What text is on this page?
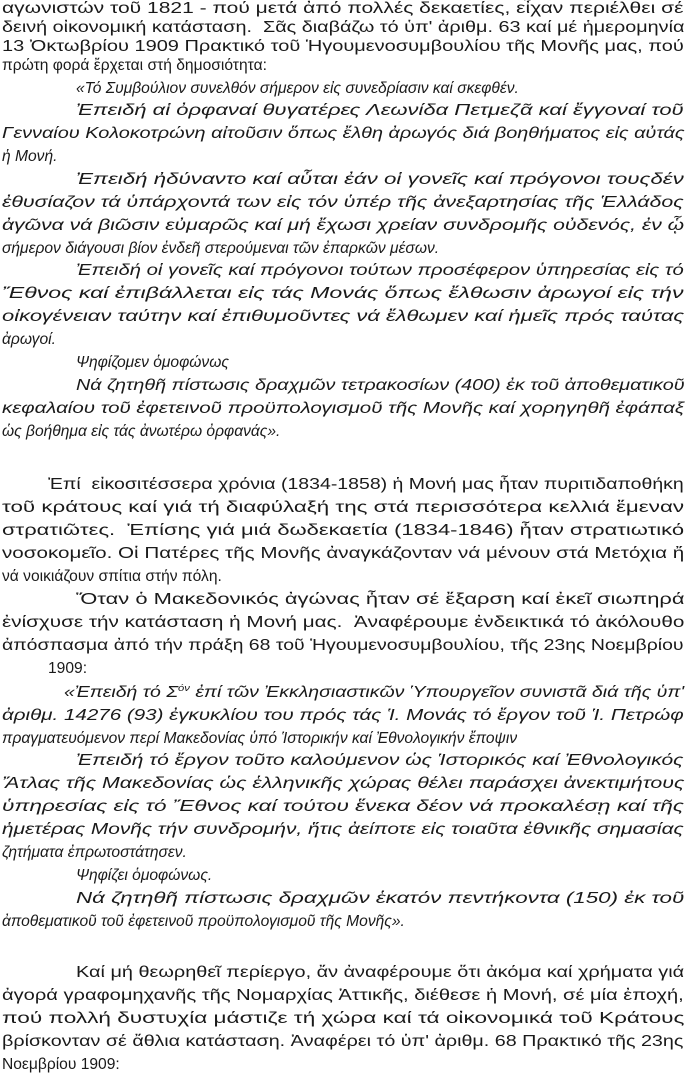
αγωνιστών τοῦ 1821 - πού μετά ἀπό πολλές δεκαετίες, εἶχαν περιέλθει σέ
δεινή οἰκονομική κατάσταση.  Σᾶς διαβάζω τό ὑπ' ἀριθμ. 63 καί μέ ἡμερομηνία
13 Ὀκτωβρίου 1909 Πρακτικό τοῦ Ἡγουμενοσυμβουλίου τῆς Μονῆς μας, πού
πρώτη φορά ἔρχεται στή δημοσιότητα:
«Τό Συμβούλιον συνελθόν σήμερον εἰς συνεδρίασιν καί σκεφθέν.
Ἐπειδή αἱ ὀρφαναί θυγατέρες Λεωνίδα Πετμεζᾶ καί ἔγγοναί τοῦ
Γενναίου Κολοκοτρώνη αἰτοῦσιν ὅπως ἔλθη ἀρωγός διά βοηθήματος εἰς αὐτάς
ἡ Μονή.
Ἐπειδή ἠδύναντο καί αὗται ἐάν οἱ γονεῖς καί πρόγονοι τουςδέν
ἐθυσίαζον τά ὑπάρχοντά των εἰς τόν ὑπέρ τῆς ἀνεξαρτησίας τῆς Ἑλλάδος
ἀγῶνα νά βιῶσιν εὐμαρῶς καί μή ἔχωσι χρείαν συνδρομῆς οὐδενός, ἐν ᾧ
σήμερον διάγουσι βίον ἐνδεῆ στερούμεναι τῶν ἐπαρκῶν μέσων.
Ἐπειδή οἱ γονεῖς καί πρόγονοι τούτων προσέφερον ὑπηρεσίας εἰς τό
Ἔθνος καί ἐπιβάλλεται εἰς τάς Μονάς ὅπως ἔλθωσιν ἀρωγοί εἰς τήν
οἰκογένειαν ταύτην καί ἐπιθυμοῦντες νά ἔλθωμεν καί ἡμεῖς πρός ταύτας
ἀρωγοί.
Ψηφίζομεν ὁμοφώνως
Νά ζητηθῆ πίστωσις δραχμῶν τετρακοσίων (400) ἐκ τοῦ ἀποθεματικοῦ
κεφαλαίου τοῦ ἐφετεινοῦ προϋπολογισμοῦ τῆς Μονῆς καί χορηγηθῆ ἐφάπαξ
ὡς βοήθημα εἰς τάς ἀνωτέρω ὀρφανάς».
Ἐπί  εἰκοσιτέσσερα χρόνια (1834-1858) ἡ Μονή μας ἦταν πυριτιδαποθήκη
τοῦ κράτους καί γιά τή διαφύλαξή της στά περισσότερα κελλιά ἔμεναν
στρατιῶτες.  Ἐπίσης γιά μιά δωδεκαετία (1834-1846) ἦταν στρατιωτικό
νοσοκομεῖο. Οἱ Πατέρες τῆς Μονῆς ἀναγκάζονταν νά μένουν στά Μετόχια ἤ
νά νοικιάζουν σπίτια στήν πόλη.
Ὅταν ὁ Μακεδονικός ἀγώνας ἦταν σέ ἔξαρση καί ἐκεῖ σιωπηρά
ἐνίσχυσε τήν κατάσταση ἡ Μονή μας.  Ἀναφέρουμε ἐνδεικτικά τό ἀκόλουθο
ἀπόσπασμα ἀπό τήν πράξη 68 τοῦ Ἡγουμενοσυμβουλίου, τῆς 23ης Νοεμβρίου
1909:
«Ἐπειδή τό $\Sigma^{ό\nu}$ ἐπί τῶν Ἐκκλησιαστικῶν Ὑπουργεῖον συνιστᾶ διά τῆς ὑπ'
ἀριθμ. 14276 (93) ἐγκυκλίου του πρός τάς Ἱ. Μονάς τό ἔργον τοῦ Ἱ. Πετρώφ
πραγματευόμενον περί Μακεδονίας ὑπό Ἱστορικήν καί Ἐθνολογικήν ἔποψιν
Ἐπειδή τό ἔργον τοῦτο καλούμενον ὡς Ἱστορικός καί Ἐθνολογικός
Ἄτλας τῆς Μακεδονίας ὡς ἑλληνικῆς χώρας θέλει παράσχει ἀνεκτιμήτους
ὑπηρεσίας εἰς τό Ἔθνος καί τούτου ἕνεκα δέον νά προκαλέσῃ καί τῆς
ἡμετέρας Μονῆς τήν συνδρομήν, ἥτις ἀείποτε εἰς τοιαῦτα ἐθνικῆς σημασίας
ζητήματα ἐπρωτοστάτησεν.
Ψηφίζει ὁμοφώνως.
Νά ζητηθῆ πίστωσις δραχμῶν ἑκατόν πεντήκοντα (150) ἐκ τοῦ
ἀποθεματικοῦ τοῦ ἐφετεινοῦ προϋπολογισμοῦ τῆς Μονῆς».
Καί μή θεωρηθεῖ περίεργο, ἄν ἀναφέρουμε ὅτι ἀκόμα καί χρήματα γιά
ἀγορά γραφομηχανῆς τῆς Νομαρχίας Ἀττικῆς, διέθεσε ἡ Μονή, σέ μία ἐποχή,
πού πολλή δυστυχία μάστιζε τή χώρα καί τά οἰκονομικά τοῦ Κράτους
βρίσκονταν σέ ἄθλια κατάσταση. Ἀναφέρει τό ὑπ' ἀριθμ. 68 Πρακτικό τῆς 23ης
Νοεμβρίου 1909:
